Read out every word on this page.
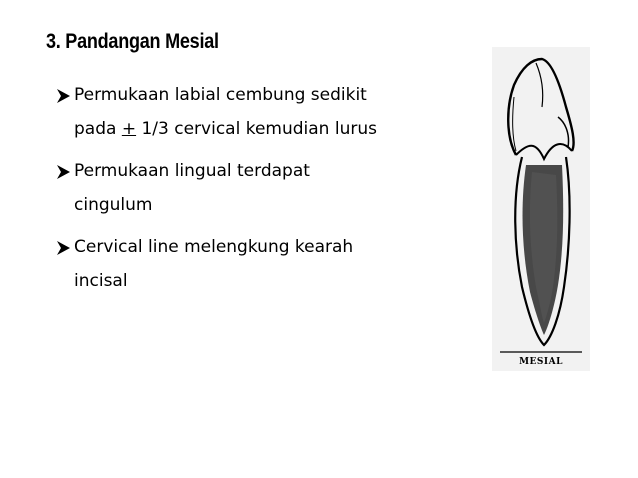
3. Pandangan Mesial
Permukaan labial cembung sedikit
pada + 1/3 cervical kemudian lurus
Permukaan lingual terdapat
cingulum
Cervical line melengkung kearah
incisal
MESIAL
